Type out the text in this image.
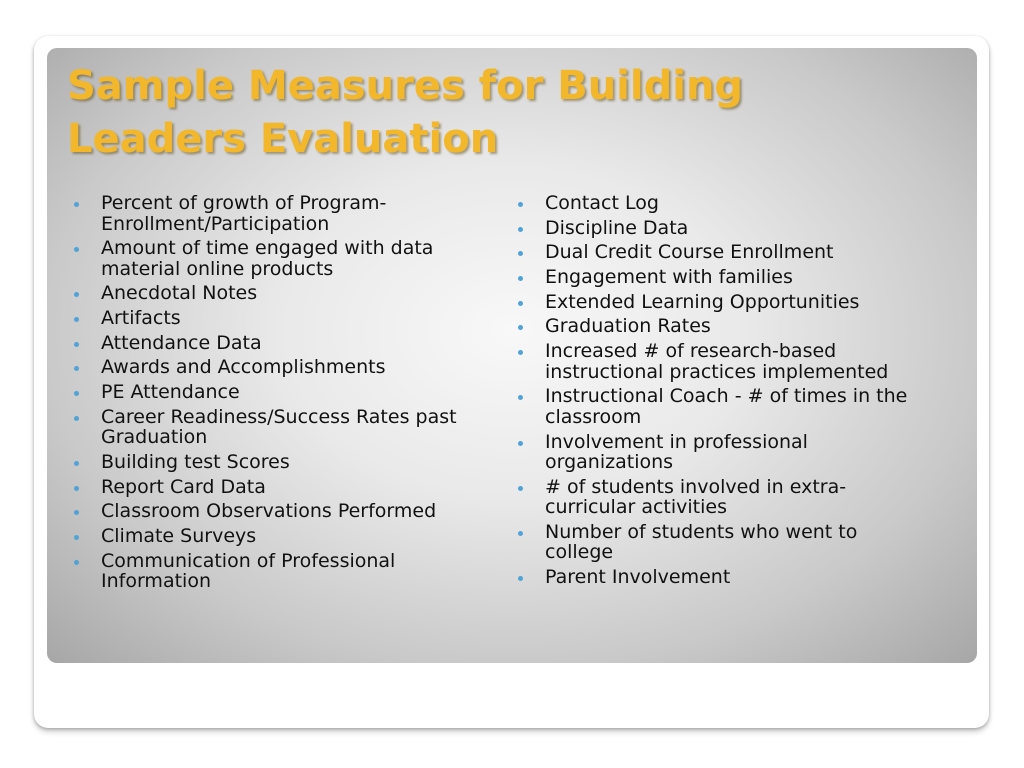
Sample Measures for Building
Leaders Evaluation
Percent of growth of Program-Enrollment/Participation
Amount of time engaged with data material online products
Anecdotal Notes
Artifacts
Attendance Data
Awards and Accomplishments
PE Attendance
Career Readiness/Success Rates past Graduation
Building test Scores
Report Card Data
Classroom Observations Performed
Climate Surveys
Communication of Professional Information
Contact Log
Discipline Data
Dual Credit Course Enrollment
Engagement with families
Extended Learning Opportunities
Graduation Rates
Increased # of research-based instructional practices implemented
Instructional Coach - # of times in the classroom
Involvement in professional organizations
# of students involved in extra-curricular activities
Number of students who went to college
Parent Involvement
